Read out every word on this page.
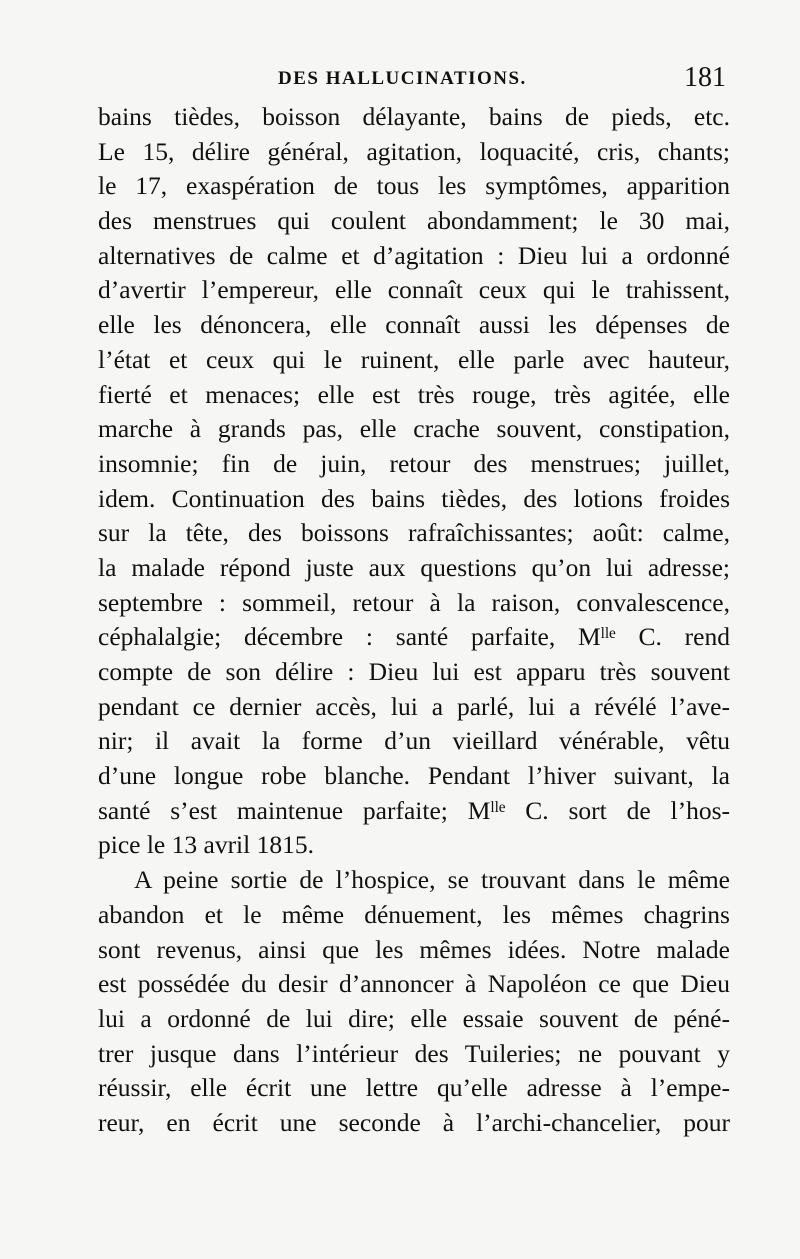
DES HALLUCINATIONS.	181
bains tièdes, boisson délayante, bains de pieds, etc.
Le 15, délire général, agitation, loquacité, cris, chants;
le 17, exaspération de tous les symptômes, apparition
des menstrues qui coulent abondamment; le 30 mai,
alternatives de calme et d’agitation : Dieu lui a ordonné
d’avertir l’empereur, elle connaît ceux qui le trahissent,
elle les dénoncera, elle connaît aussi les dépenses de
l’état et ceux qui le ruinent, elle parle avec hauteur,
fierté et menaces; elle est très rouge, très agitée, elle
marche à grands pas, elle crache souvent, constipation,
insomnie; fin de juin, retour des menstrues; juillet,
idem. Continuation des bains tièdes, des lotions froides
sur la tête, des boissons rafraîchissantes; août: calme,
la malade répond juste aux questions qu’on lui adresse;
septembre : sommeil, retour à la raison, convalescence,
céphalalgie; décembre : santé parfaite, Mˡˡᵉ C. rend
compte de son délire : Dieu lui est apparu très souvent
pendant ce dernier accès, lui a parlé, lui a révélé l’ave-
nir; il avait la forme d’un vieillard vénérable, vêtu
d’une longue robe blanche. Pendant l’hiver suivant, la
santé s’est maintenue parfaite; Mˡˡᵉ C. sort de l’hos-
pice le 13 avril 1815.
A peine sortie de l’hospice, se trouvant dans le même
abandon et le même dénuement, les mêmes chagrins
sont revenus, ainsi que les mêmes idées. Notre malade
est possédée du desir d’annoncer à Napoléon ce que Dieu
lui a ordonné de lui dire; elle essaie souvent de péné-
trer jusque dans l’intérieur des Tuileries; ne pouvant y
réussir, elle écrit une lettre qu’elle adresse à l’empe-
reur, en écrit une seconde à l’archi-chancelier, pour
